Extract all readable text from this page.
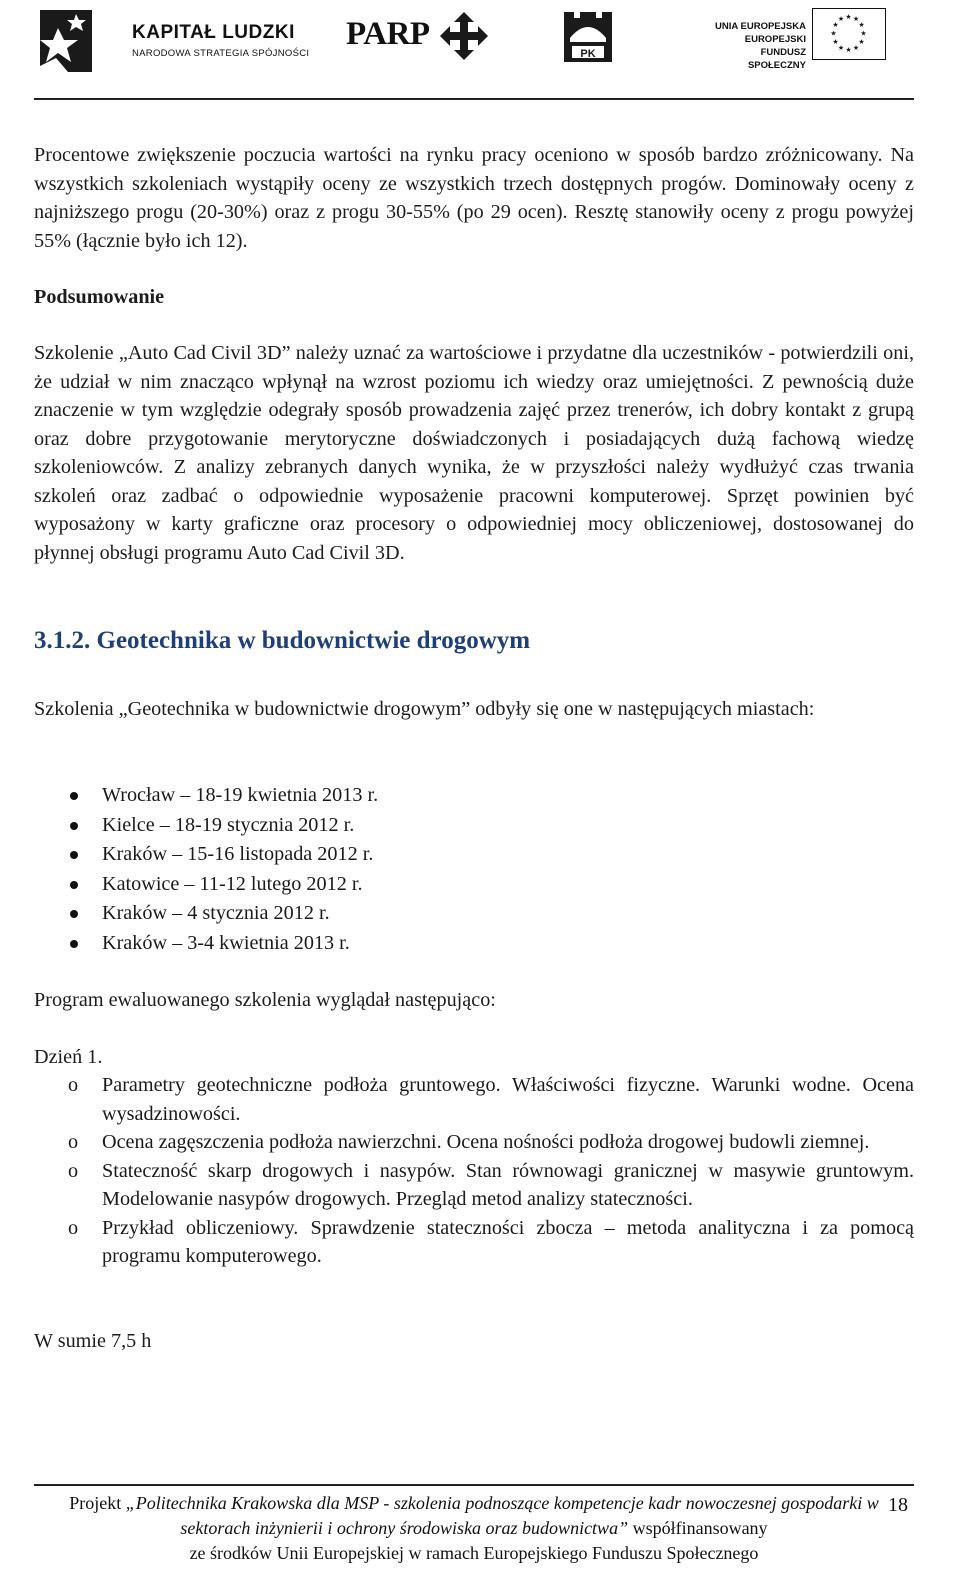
KAPITAŁ LUDZKI
NARODOWA STRATEGIA SPÓJNOŚCI
PARP
PK
UNIA EUROPEJSKA
EUROPEJSKI
FUNDUSZ SPOŁECZNY
★ ★
★
★
★
★
★
★
★
★
★
★

Procentowe zwiększenie poczucia wartości na rynku pracy oceniono w sposób bardzo zróżnicowany. Na wszystkich szkoleniach wystąpiły oceny ze wszystkich trzech dostępnych progów. Dominowały oceny z najniższego progu (20-30%) oraz z progu 30-55% (po 29 ocen). Resztę stanowiły oceny z progu powyżej 55% (łącznie było ich 12).

Podsumowanie

Szkolenie „Auto Cad Civil 3D” należy uznać za wartościowe i przydatne dla uczestników - potwierdzili oni, że udział w nim znacząco wpłynął na wzrost poziomu ich wiedzy oraz umiejętności. Z pewnością duże znaczenie w tym względzie odegrały sposób prowadzenia zajęć przez trenerów, ich dobry kontakt z grupą oraz dobre przygotowanie merytoryczne doświadczonych i posiadających dużą fachową wiedzę szkoleniowców. Z analizy zebranych danych wynika, że w przyszłości należy wydłużyć czas trwania szkoleń oraz zadbać o odpowiednie wyposażenie pracowni komputerowej. Sprzęt powinien być wyposażony w karty graficzne oraz procesory o odpowiedniej mocy obliczeniowej, dostosowanej do płynnej obsługi programu Auto Cad Civil 3D.

3.1.2. Geotechnika w budownictwie drogowym

Szkolenia „Geotechnika w budownictwie drogowym” odbyły się one w następujących miastach:

Wrocław – 18-19 kwietnia 2013 r.
Kielce – 18-19 stycznia 2012 r.
Kraków – 15-16 listopada 2012 r.
Katowice – 11-12 lutego 2012 r.
Kraków – 4 stycznia 2012 r.
Kraków – 3-4 kwietnia 2013 r.

Program ewaluowanego szkolenia wyglądał następująco:

Dzień 1.

o Parametry geotechniczne podłoża gruntowego. Właściwości fizyczne. Warunki wodne. Ocena wysadzinowości.
o Ocena zagęszczenia podłoża nawierzchni. Ocena nośności podłoża drogowej budowli ziemnej.
o Stateczność skarp drogowych i nasypów. Stan równowagi granicznej w masywie gruntowym. Modelowanie nasypów drogowych. Przegląd metod analizy stateczności.
o Przykład obliczeniowy. Sprawdzenie stateczności zbocza – metoda analityczna i za pomocą programu komputerowego.

W sumie 7,5 h

Projekt „Politechnika Krakowska dla MSP - szkolenia podnoszące kompetencje kadr nowoczesnej gospodarki w sektorach inżynierii i ochrony środowiska oraz budownictwa” współfinansowany
ze środków Unii Europejskiej w ramach Europejskiego Funduszu Społecznego
18
